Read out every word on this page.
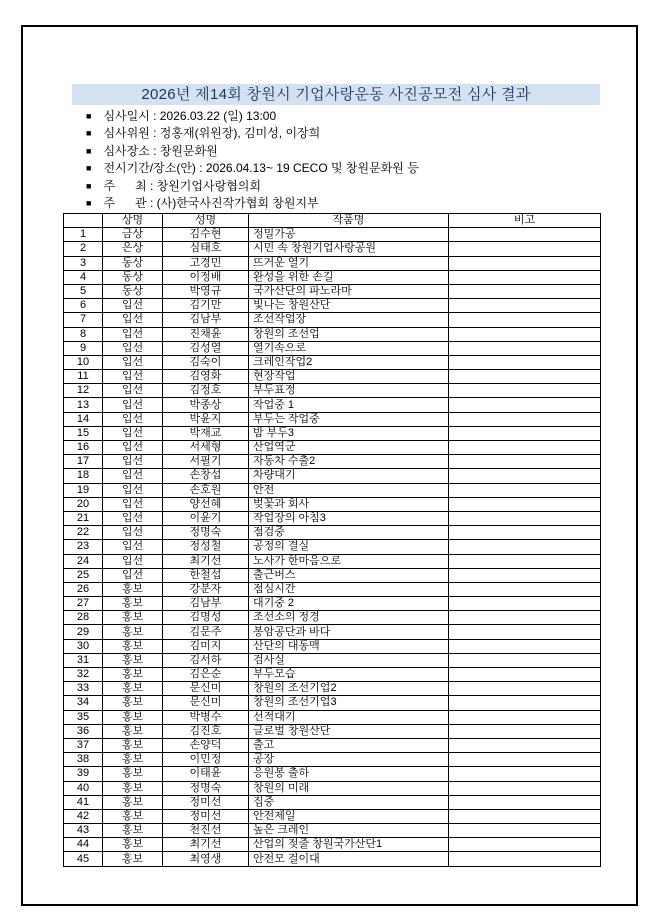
2026년 제14회 창원시 기업사랑운동 사진공모전 심사 결과
■ 심사일시 : 2026.03.22 (일) 13:00
■ 심사위원 : 정홍재(위원장), 김미성, 이장희
■ 심사장소 : 창원문화원
■ 전시기간/장소(안) : 2026.04.13~ 19 CECO 및 창원문화원 등
■ 주      최 : 창원기업사랑협의회
■ 주      관 : (사)한국사진작가협회 창원지부
	상명	성명	작품명	비고
1	금상	김수현	정밀가공	
2	은상	심태호	시민 속 창원기업사랑공원	
3	동상	고경민	뜨거운 열기	
4	동상	이정배	완성을 위한 손길	
5	동상	박영규	국가산단의 파노라마	
6	입선	김기만	빛나는 창원산단	
7	입선	김남부	조선작업장	
8	입선	진채윤	창원의 조선업	
9	입선	김성열	열기속으로	
10	입선	김숙이	크레인작업2	
11	입선	김영화	현장작업	
12	입선	김정호	부두표정	
13	입선	박종상	작업중 1	
14	입선	박윤지	부두는 작업중	
15	입선	박재교	밤 부두3	
16	입선	서세형	산업역군	
17	입선	서필기	자동차 수출2	
18	입선	손창섭	차량대기	
19	입선	손호원	안전	
20	입선	양선혜	벚꽃과 회사	
21	입선	이윤기	작업장의 아침3	
22	입선	정명숙	점검중	
23	입선	정성철	공정의 결실	
24	입선	최기선	노사가 한마음으로	
25	입선	한철섭	출근버스	
26	홍보	강분자	점심시간	
27	홍보	김남부	대기중 2	
28	홍보	김명성	조선소의 정경	
29	홍보	김문주	봉암공단과 바다	
30	홍보	김미지	산단의 대동맥	
31	홍보	김서하	검사실	
32	홍보	김은순	부두모습	
33	홍보	문신미	창원의 조선기업2	
34	홍보	문신미	창원의 조선기업3	
35	홍보	박병수	선적대기	
36	홍보	김진호	글로벌 창원산단	
37	홍보	손양덕	출고	
38	홍보	이민정	공장	
39	홍보	이태윤	응원봉 출하	
40	홍보	정명숙	창원의 미래	
41	홍보	정미선	집중	
42	홍보	정미선	안전제일	
43	홍보	천진선	높은 크레인	
44	홍보	최기선	산업의 젖줄 창원국가산단1	
45	홍보	최영생	안전모 걸이대	
